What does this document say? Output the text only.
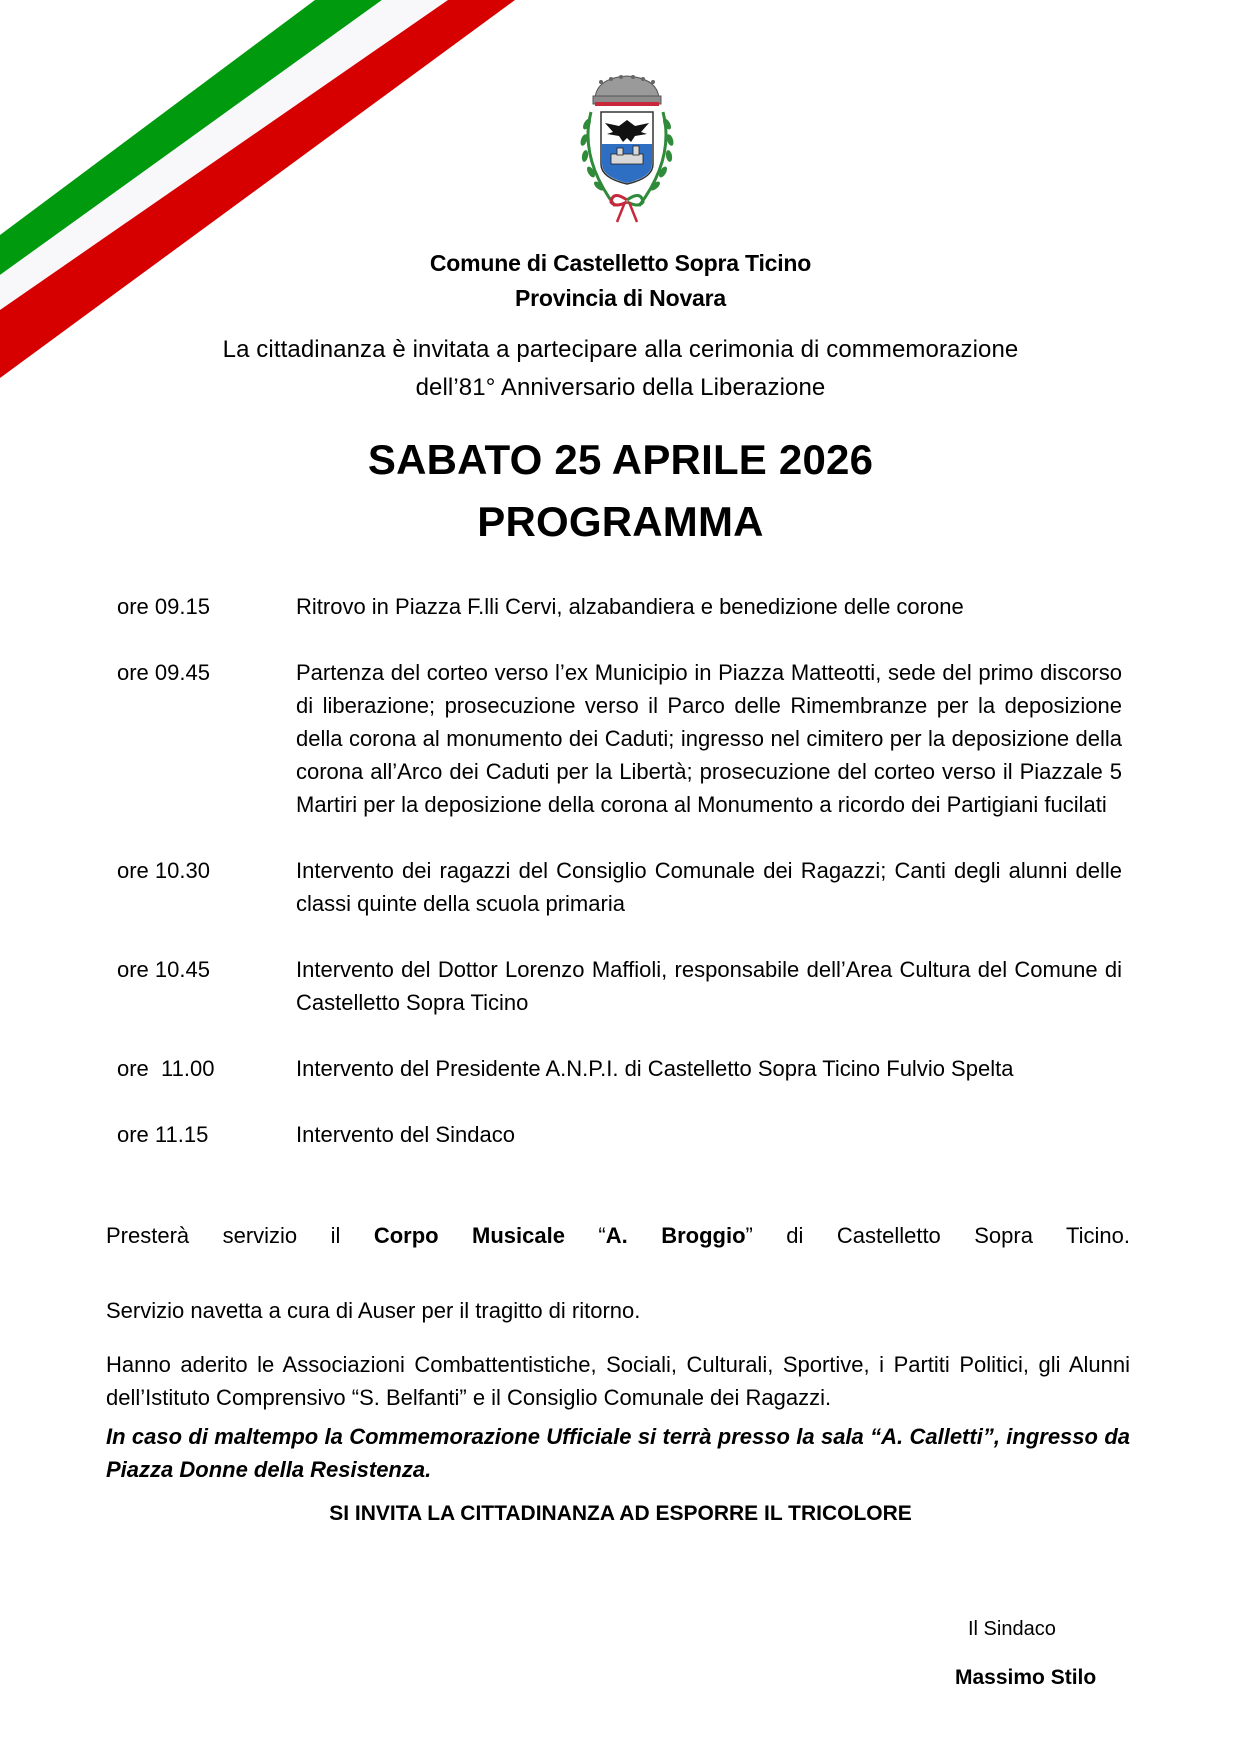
Comune di Castelletto Sopra Ticino
Provincia di Novara
La cittadinanza è invitata a partecipare alla cerimonia di commemorazione
dell’81° Anniversario della Liberazione
SABATO 25 APRILE 2026
PROGRAMMA
ore 09.15	Ritrovo in Piazza F.lli Cervi, alzabandiera e benedizione delle corone
ore 09.45	Partenza del corteo verso l’ex Municipio in Piazza Matteotti, sede del primo discorso di liberazione; prosecuzione verso il Parco delle Rimembranze per la deposizione della corona al monumento dei Caduti; ingresso nel cimitero per la deposizione della corona all’Arco dei Caduti per la Libertà; prosecuzione del corteo verso il Piazzale 5 Martiri per la deposizione della corona al Monumento a ricordo dei Partigiani fucilati
ore 10.30	Intervento dei ragazzi del Consiglio Comunale dei Ragazzi; Canti degli alunni delle classi quinte della scuola primaria
ore 10.45	Intervento del Dottor Lorenzo Maffioli, responsabile dell’Area Cultura del Comune di Castelletto Sopra Ticino
ore  11.00	Intervento del Presidente A.N.P.I. di Castelletto Sopra Ticino Fulvio Spelta
ore 11.15	Intervento del Sindaco

Presterà servizio il Corpo Musicale “A. Broggio” di Castelletto Sopra Ticino.

Servizio navetta a cura di Auser per il tragitto di ritorno.

Hanno aderito le Associazioni Combattentistiche, Sociali, Culturali, Sportive, i Partiti Politici, gli Alunni dell’Istituto Comprensivo “S. Belfanti” e il Consiglio Comunale dei Ragazzi.

In caso di maltempo la Commemorazione Ufficiale si terrà presso la sala “A. Calletti”, ingresso da Piazza Donne della Resistenza.

SI INVITA LA CITTADINANZA AD ESPORRE IL TRICOLORE
Il Sindaco
Massimo Stilo
